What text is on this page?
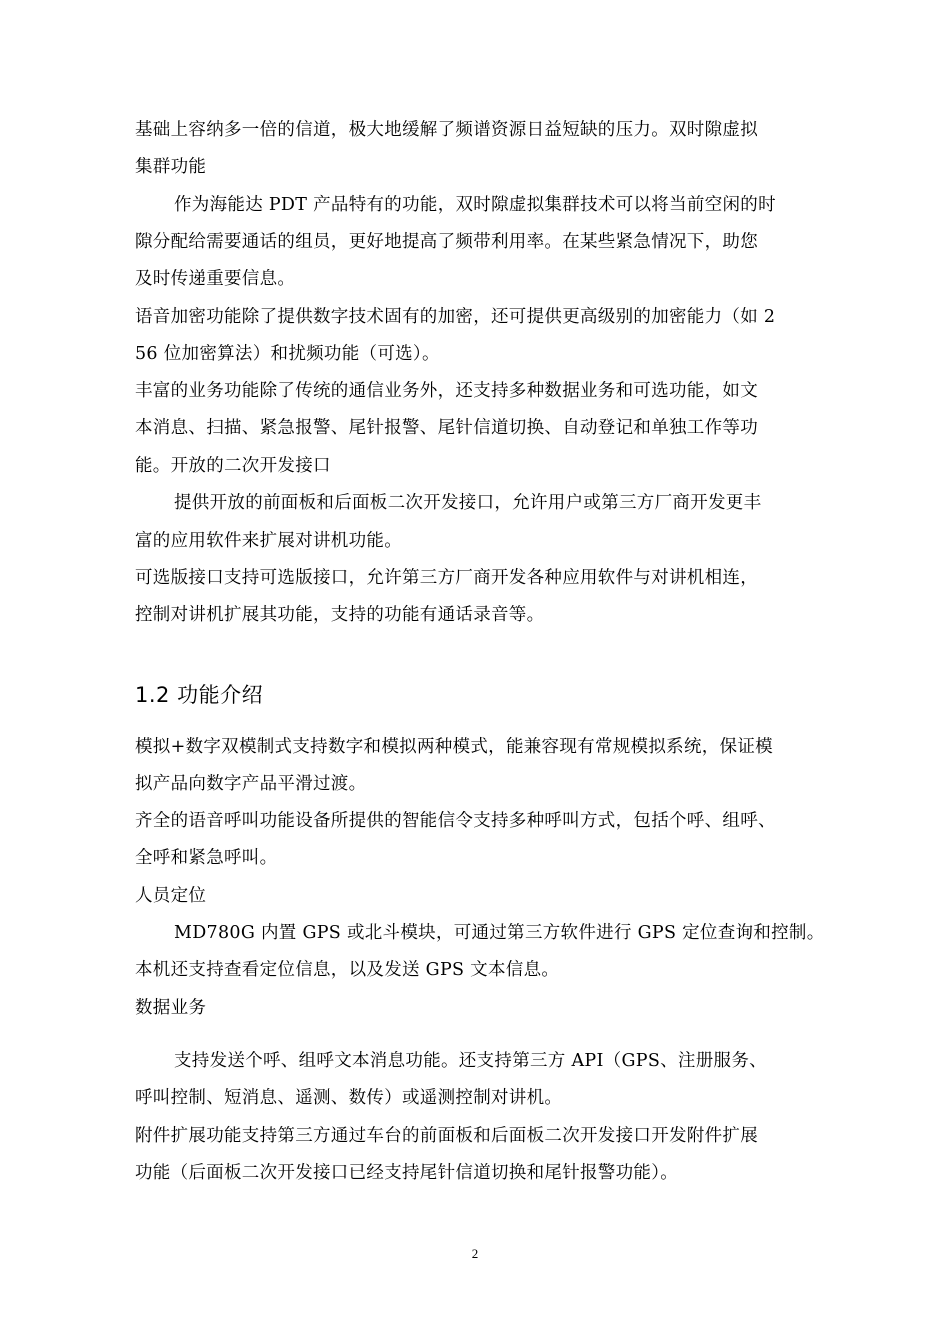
基础上容纳多一倍的信道，极大地缓解了频谱资源日益短缺的压力。双时隙虚拟
集群功能
作为海能达 PDT 产品特有的功能，双时隙虚拟集群技术可以将当前空闲的时
隙分配给需要通话的组员，更好地提高了频带利用率。在某些紧急情况下，助您
及时传递重要信息。
语音加密功能除了提供数字技术固有的加密，还可提供更高级别的加密能力（如 2
56 位加密算法）和扰频功能（可选）。
丰富的业务功能除了传统的通信业务外，还支持多种数据业务和可选功能，如文
本消息、扫描、紧急报警、尾针报警、尾针信道切换、自动登记和单独工作等功
能。开放的二次开发接口
提供开放的前面板和后面板二次开发接口，允许用户或第三方厂商开发更丰
富的应用软件来扩展对讲机功能。
可选版接口支持可选版接口，允许第三方厂商开发各种应用软件与对讲机相连，
控制对讲机扩展其功能，支持的功能有通话录音等。
1.2 功能介绍
模拟+数字双模制式支持数字和模拟两种模式，能兼容现有常规模拟系统，保证模
拟产品向数字产品平滑过渡。
齐全的语音呼叫功能设备所提供的智能信令支持多种呼叫方式，包括个呼、组呼、
全呼和紧急呼叫。
人员定位
MD780G 内置 GPS 或北斗模块，可通过第三方软件进行 GPS 定位查询和控制。
本机还支持查看定位信息，以及发送 GPS 文本信息。
数据业务
支持发送个呼、组呼文本消息功能。还支持第三方 API（GPS、注册服务、
呼叫控制、短消息、遥测、数传）或遥测控制对讲机。
附件扩展功能支持第三方通过车台的前面板和后面板二次开发接口开发附件扩展
功能（后面板二次开发接口已经支持尾针信道切换和尾针报警功能）。
2
